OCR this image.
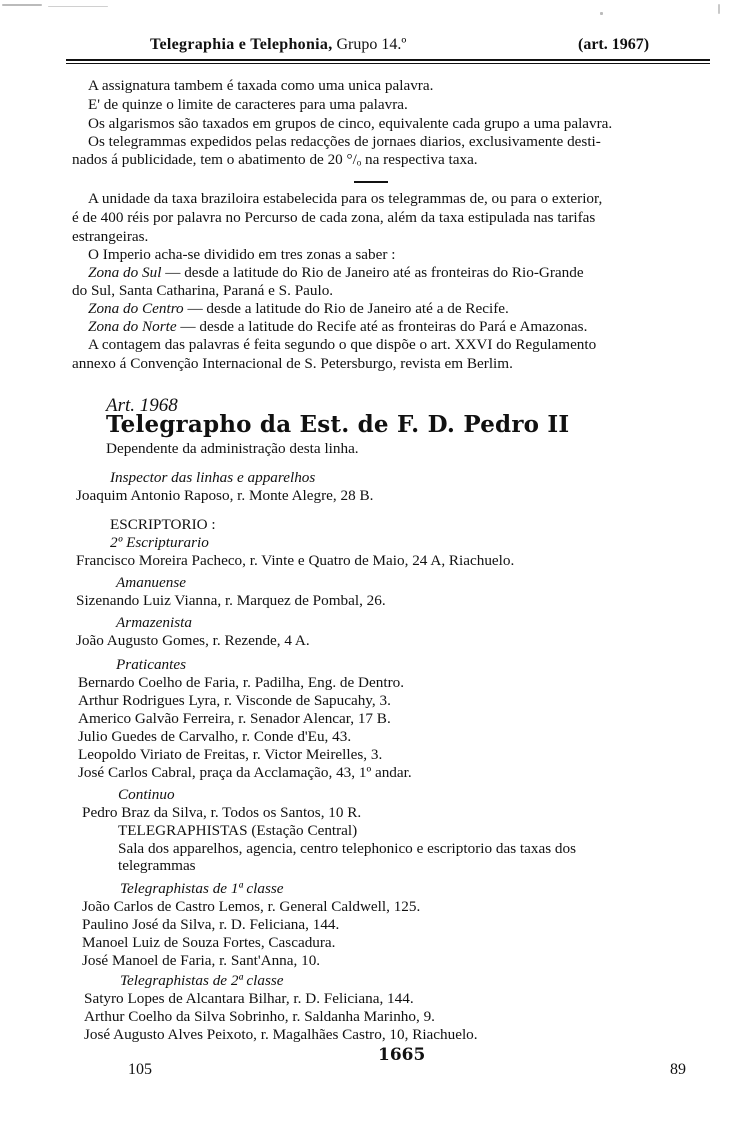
Telegraphia e Telephonia, Grupo 14.º	(art. 1967)
A assignatura tambem é taxada como uma unica palavra.
E' de quinze o limite de caracteres para uma palavra.
Os algarismos são taxados em grupos de cinco, equivalente cada grupo a uma palavra.
Os telegrammas expedidos pelas redacções de jornaes diarios, exclusivamente desti-
nados á publicidade, tem o abatimento de 20 °/ₒ na respectiva taxa.
A unidade da taxa braziloira estabelecida para os telegrammas de, ou para o exterior,
é de 400 réis por palavra no Percurso de cada zona, além da taxa estipulada nas tarifas
estrangeiras.
O Imperio acha-se dividido em tres zonas a saber :
Zona do Sul — desde a latitude do Rio de Janeiro até as fronteiras do Rio-Grande
do Sul, Santa Catharina, Paraná e S. Paulo.
Zona do Centro — desde a latitude do Rio de Janeiro até a de Recife.
Zona do Norte — desde a latitude do Recife até as fronteiras do Pará e Amazonas.
A contagem das palavras é feita segundo o que dispõe o art. XXVI do Regulamento
annexo á Convenção Internacional de S. Petersburgo, revista em Berlim.
Art. 1968
Telegrapho da Est. de F. D. Pedro II
Dependente da administração desta linha.
Inspector das linhas e apparelhos
Joaquim Antonio Raposo, r. Monte Alegre, 28 B.
ESCRIPTORIO :
2º Escripturario
Francisco Moreira Pacheco, r. Vinte e Quatro de Maio, 24 A, Riachuelo.
Amanuense
Sizenando Luiz Vianna, r. Marquez de Pombal, 26.
Armazenista
João Augusto Gomes, r. Rezende, 4 A.
Praticantes
Bernardo Coelho de Faria, r. Padilha, Eng. de Dentro.
Arthur Rodrigues Lyra, r. Visconde de Sapucahy, 3.
Americo Galvão Ferreira, r. Senador Alencar, 17 B.
Julio Guedes de Carvalho, r. Conde d'Eu, 43.
Leopoldo Viriato de Freitas, r. Victor Meirelles, 3.
José Carlos Cabral, praça da Acclamação, 43, 1º andar.
Continuo
Pedro Braz da Silva, r. Todos os Santos, 10 R.
TELEGRAPHISTAS (Estação Central)
Sala dos apparelhos, agencia, centro telephonico e escriptorio das taxas dos
telegrammas
Telegraphistas de 1ª classe
João Carlos de Castro Lemos, r. General Caldwell, 125.
Paulino José da Silva, r. D. Feliciana, 144.
Manoel Luiz de Souza Fortes, Cascadura.
José Manoel de Faria, r. Sant'Anna, 10.
Telegraphistas de 2ª classe
Satyro Lopes de Alcantara Bilhar, r. D. Feliciana, 144.
Arthur Coelho da Silva Sobrinho, r. Saldanha Marinho, 9.
José Augusto Alves Peixoto, r. Magalhães Castro, 10, Riachuelo.
105
1665
89
